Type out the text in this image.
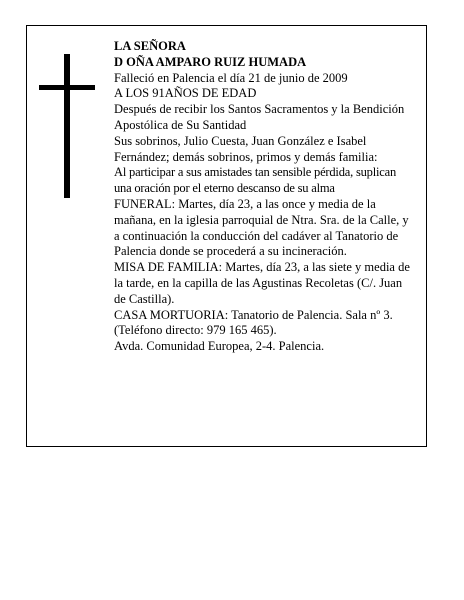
LA SEÑORA

D OÑA AMPARO RUIZ HUMADA

Falleció en Palencia el día 21 de junio de 2009

A LOS 91AÑOS DE EDAD

Después de recibir los Santos Sacramentos y la Bendición Apostólica de Su Santidad

Sus sobrinos, Julio Cuesta, Juan González e Isabel Fernández; demás sobrinos, primos y demás familia:

Al participar a sus amistades tan sensible pérdida, suplican una oración por el eterno descanso de su alma

FUNERAL: Martes, día 23, a las once y media de la mañana, en la iglesia parroquial de Ntra. Sra. de la Calle, y a continuación la conducción del cadáver al Tanatorio de Palencia donde se procederá a su incineración.

MISA DE FAMILIA: Martes, día 23, a las siete y media de la tarde, en la capilla de las Agustinas Recoletas (C/. Juan de Castilla).

CASA MORTUORIA: Tanatorio de Palencia. Sala nº 3. (Teléfono directo: 979 165 465).

Avda. Comunidad Europea, 2-4. Palencia.
